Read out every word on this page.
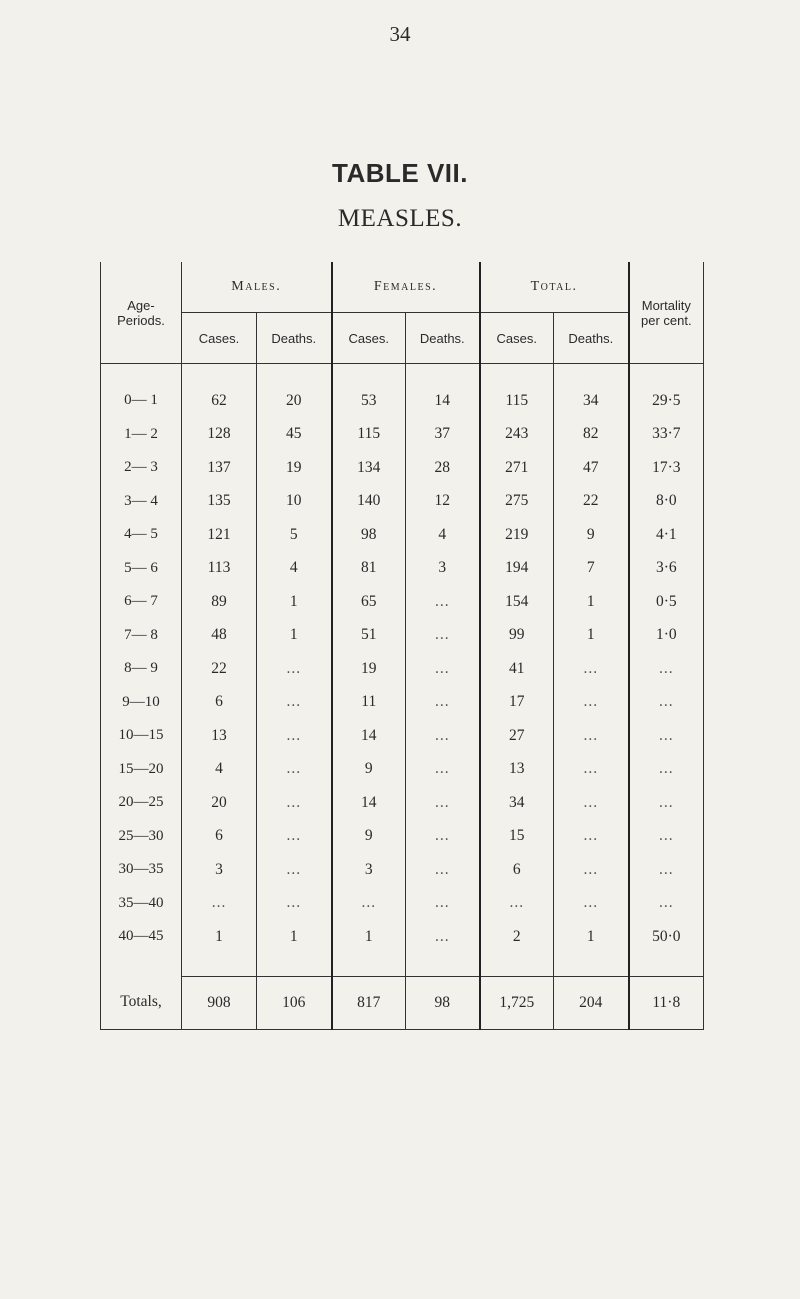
34
TABLE VII.
MEASLES.
Age-
Periods.	Males.		Females.		Total.		Mortality
per cent.
	Cases.	Deaths.	Cases.	Deaths.	Cases.	Deaths.	

0— 1	62	20	53	14	115	34	29·5
1— 2	128	45	115	37	243	82	33·7
2— 3	137	19	134	28	271	47	17·3
3— 4	135	10	140	12	275	22	8·0
4— 5	121	5	98	4	219	9	4·1
5— 6	113	4	81	3	194	7	3·6
6— 7	89	1	65	...	154	1	0·5
7— 8	48	1	51	...	99	1	1·0
8— 9	22	...	19	...	41	...	...
9—10	6	...	11	...	17	...	...
10—15	13	...	14	...	27	...	...
15—20	4	...	9	...	13	...	...
20—25	20	...	14	...	34	...	...
25—30	6	...	9	...	15	...	...
30—35	3	...	3	...	6	...	...
35—40	...	...	...	...	...	...	...
40—45	1	1	1	...	2	1	50·0

Totals,	908	106	817	98	1,725	204	11·8
